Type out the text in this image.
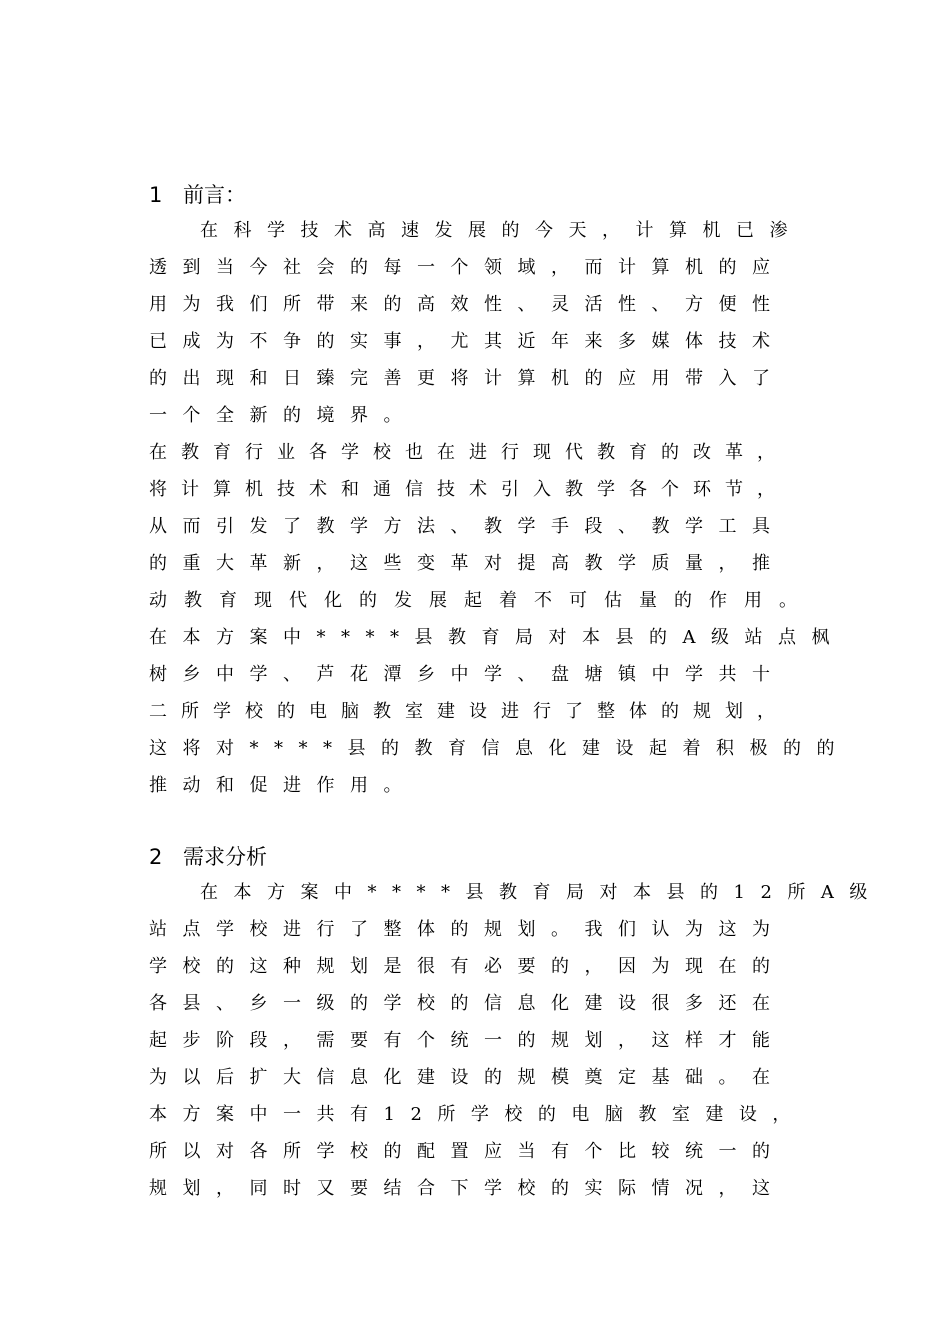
1 前言：
在科学技术高速发展的今天，计算机已渗
透到当今社会的每一个领域，而计算机的应
用为我们所带来的高效性、灵活性、方便性
已成为不争的实事，尤其近年来多媒体技术
的出现和日臻完善更将计算机的应用带入了
一个全新的境界。
在教育行业各学校也在进行现代教育的改革，
将计算机技术和通信技术引入教学各个环节，
从而引发了教学方法、教学手段、教学工具
的重大革新，这些变革对提高教学质量，推
动教育现代化的发展起着不可估量的作用。
在本方案中****县教育局对本县的A级站点枫
树乡中学、芦花潭乡中学、盘塘镇中学共十
二所学校的电脑教室建设进行了整体的规划，
这将对****县的教育信息化建设起着积极的的
推动和促进作用。
2 需求分析
在本方案中****县教育局对本县的12所A级
站点学校进行了整体的规划。我们认为这为
学校的这种规划是很有必要的，因为现在的
各县、乡一级的学校的信息化建设很多还在
起步阶段，需要有个统一的规划，这样才能
为以后扩大信息化建设的规模奠定基础。在
本方案中一共有12所学校的电脑教室建设，
所以对各所学校的配置应当有个比较统一的
规划，同时又要结合下学校的实际情况，这
